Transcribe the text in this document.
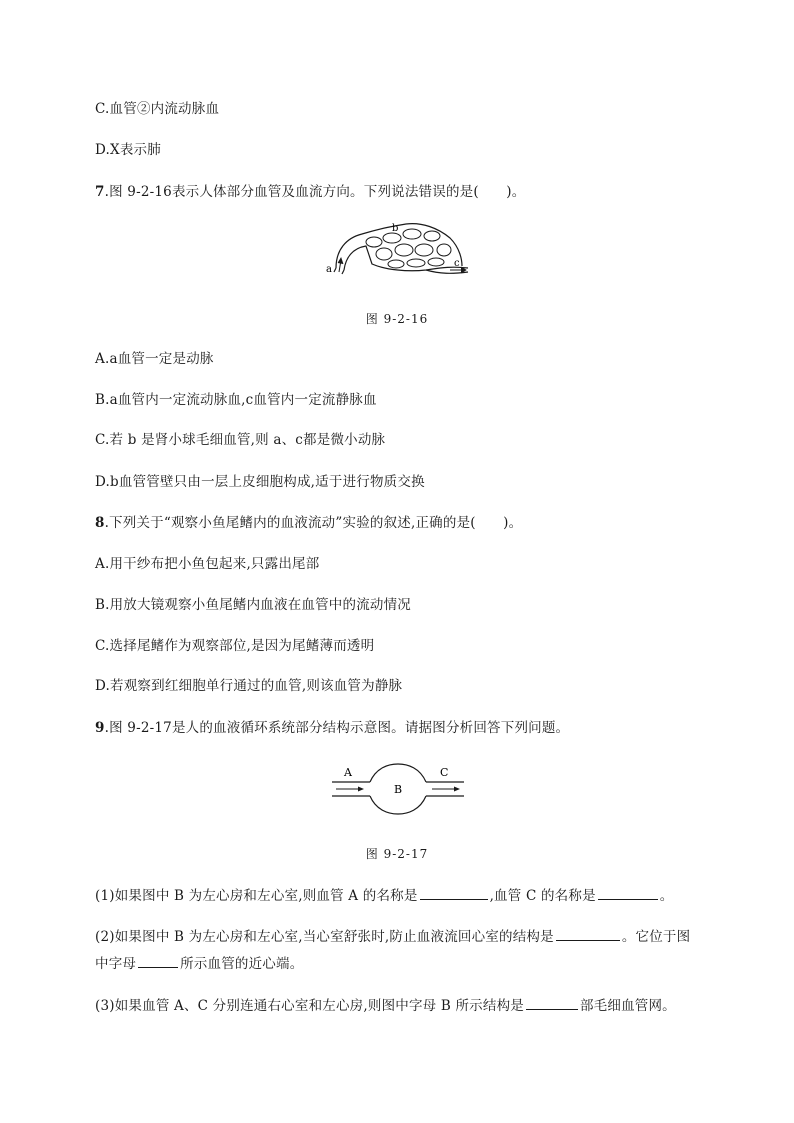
C.血管②内流动脉血
D.X表示肺
7.图 9-2-16表示人体部分血管及血流方向。下列说法错误的是(　　)。
a
b
c
图 9-2-16
A.a血管一定是动脉
B.a血管内一定流动脉血,c血管内一定流静脉血
C.若 b 是肾小球毛细血管,则 a、c都是微小动脉
D.b血管管壁只由一层上皮细胞构成,适于进行物质交换
8.下列关于“观察小鱼尾鳍内的血液流动”实验的叙述,正确的是(　　)。
A.用干纱布把小鱼包起来,只露出尾部
B.用放大镜观察小鱼尾鳍内血液在血管中的流动情况
C.选择尾鳍作为观察部位,是因为尾鳍薄而透明
D.若观察到红细胞单行通过的血管,则该血管为静脉
9.图 9-2-17是人的血液循环系统部分结构示意图。请据图分析回答下列问题。
A
B
C
图 9-2-17
(1)如果图中 B 为左心房和左心室,则血管 A 的名称是	,血管 C 的名称是	。
(2)如果图中 B 为左心房和左心室,当心室舒张时,防止血液流回心室的结构是	。它位于图
中字母	所示血管的近心端。
(3)如果血管 A、C 分别连通右心室和左心房,则图中字母 B 所示结构是	部毛细血管网。
